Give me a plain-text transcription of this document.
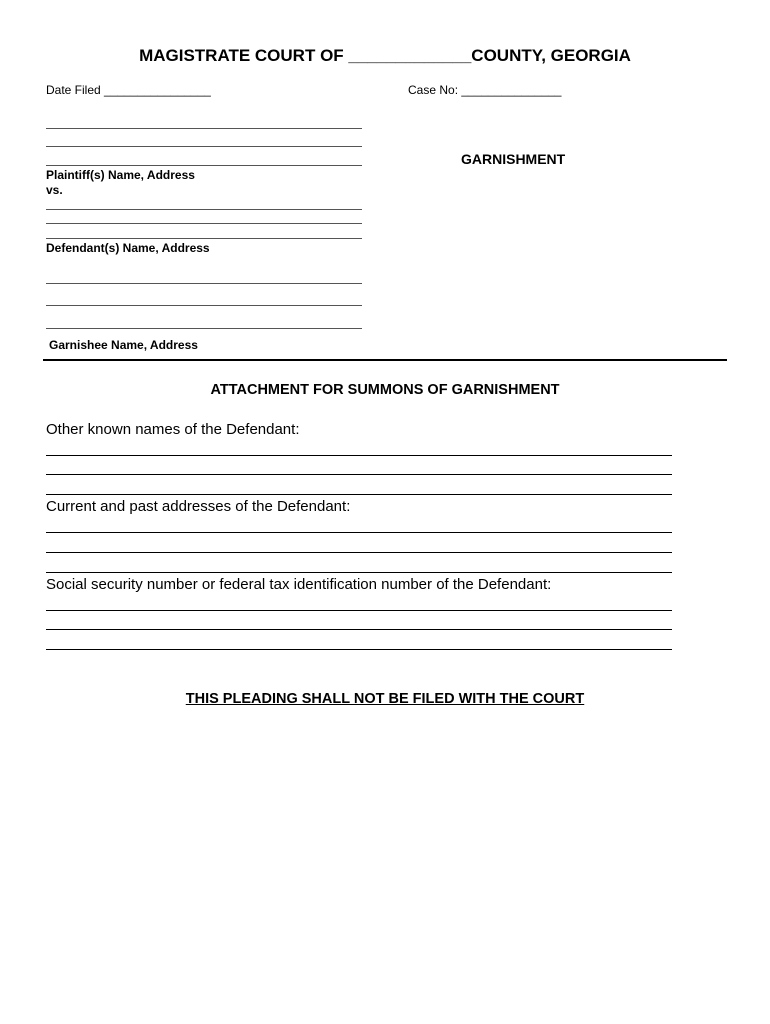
MAGISTRATE COURT OF _____________COUNTY, GEORGIA
Date Filed ________________	Case No: _______________
GARNISHMENT
Plaintiff(s) Name, Address
vs.
Defendant(s) Name, Address
Garnishee Name, Address
ATTACHMENT FOR SUMMONS OF GARNISHMENT
Other known names of the Defendant:
Current and past addresses of the Defendant:
Social security number or federal tax identification number of the Defendant:
THIS PLEADING SHALL NOT BE FILED WITH THE COURT
